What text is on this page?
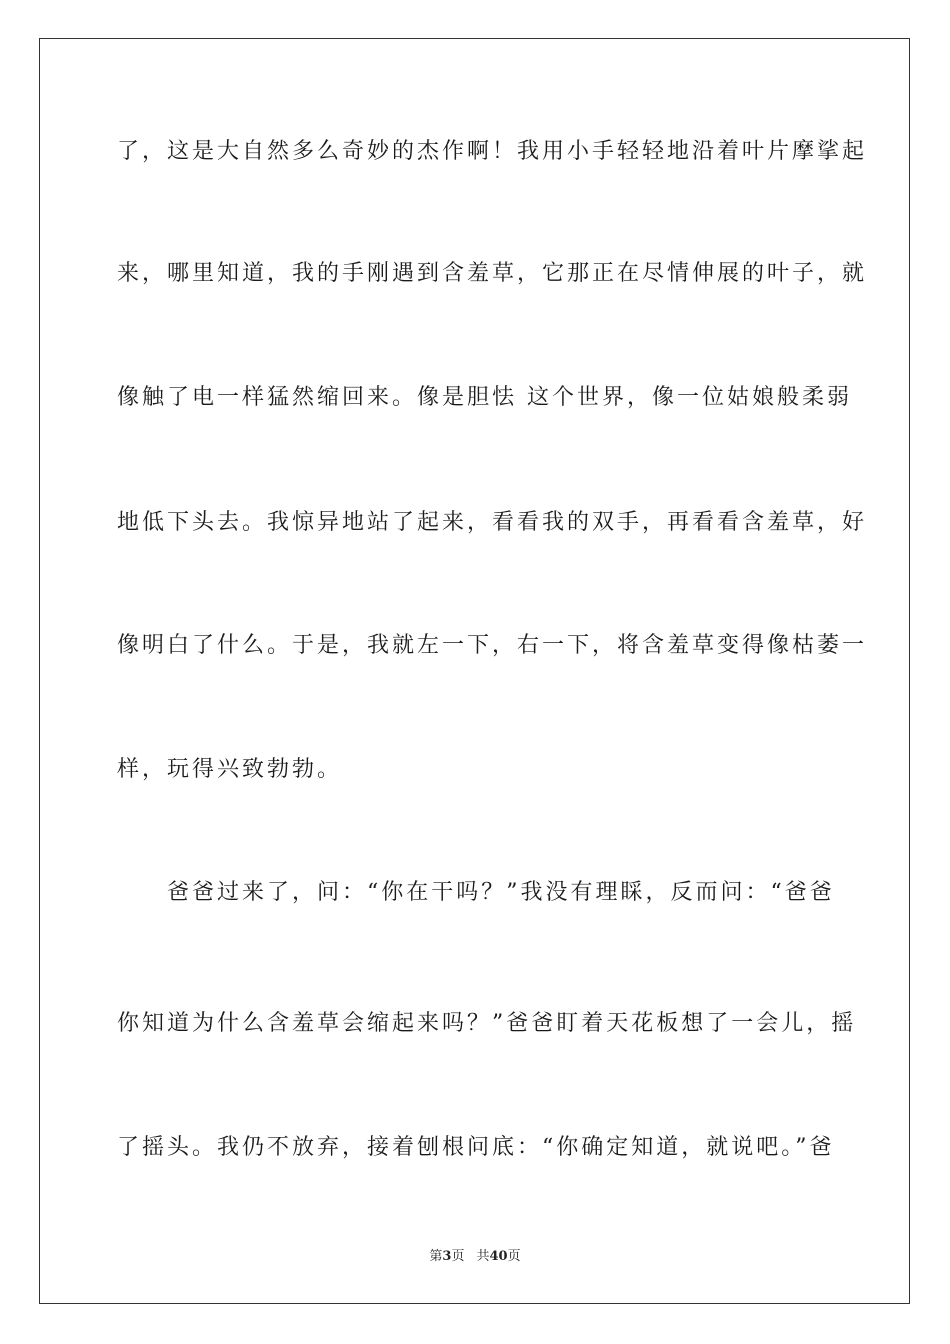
了，这是大自然多么奇妙的杰作啊！我用小手轻轻地沿着叶片摩挲起
来，哪里知道，我的手刚遇到含羞草，它那正在尽情伸展的叶子，就
像触了电一样猛然缩回来。像是胆怯 这个世界，像一位姑娘般柔弱
地低下头去。我惊异地站了起来，看看我的双手，再看看含羞草，好
像明白了什么。于是，我就左一下，右一下，将含羞草变得像枯萎一
样，玩得兴致勃勃。
　　爸爸过来了，问：“你在干吗？”我没有理睬，反而问：“爸爸
你知道为什么含羞草会缩起来吗？”爸爸盯着天花板想了一会儿，摇
了摇头。我仍不放弃，接着刨根问底：“你确定知道，就说吧。”爸
第3页 共40页
